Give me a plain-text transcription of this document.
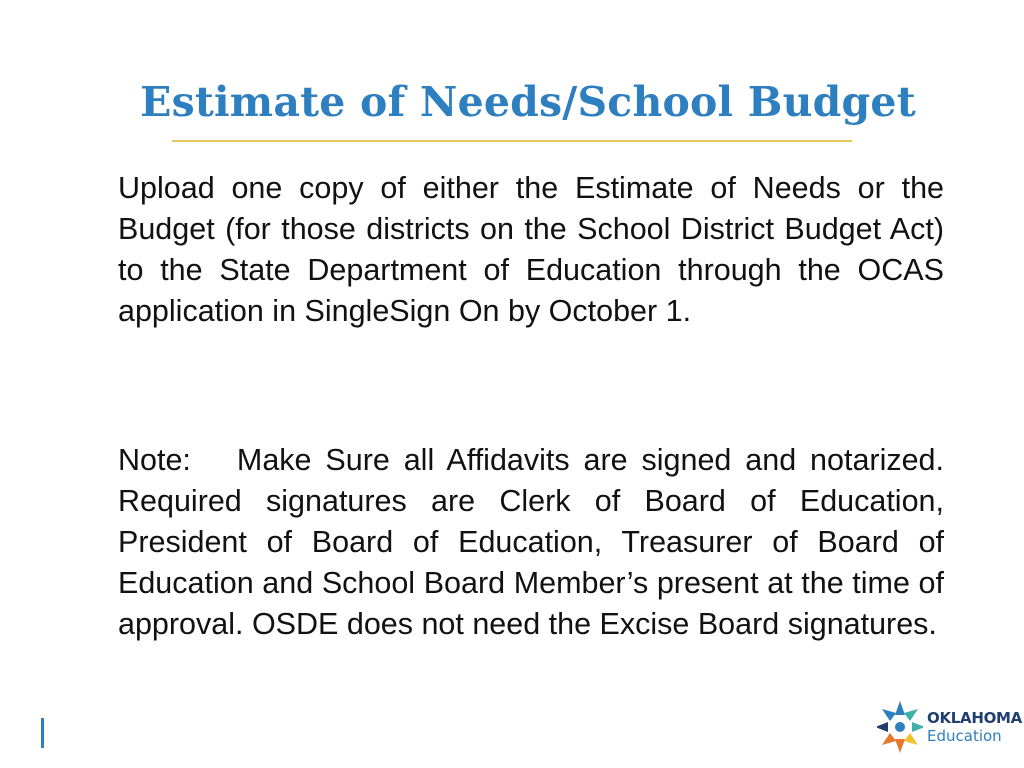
Estimate of Needs/School Budget

Upload one copy of either the Estimate of Needs or the Budget (for those districts on the School District Budget Act) to the State Department of Education through the OCAS application in SingleSign On by October 1.

Note: Make Sure all Affidavits are signed and notarized. Required signatures are Clerk of Board of Education, President of Board of Education, Treasurer of Board of Education and School Board Member’s present at the time of approval. OSDE does not need the Excise Board signatures.

OKLAHOMA
Education
